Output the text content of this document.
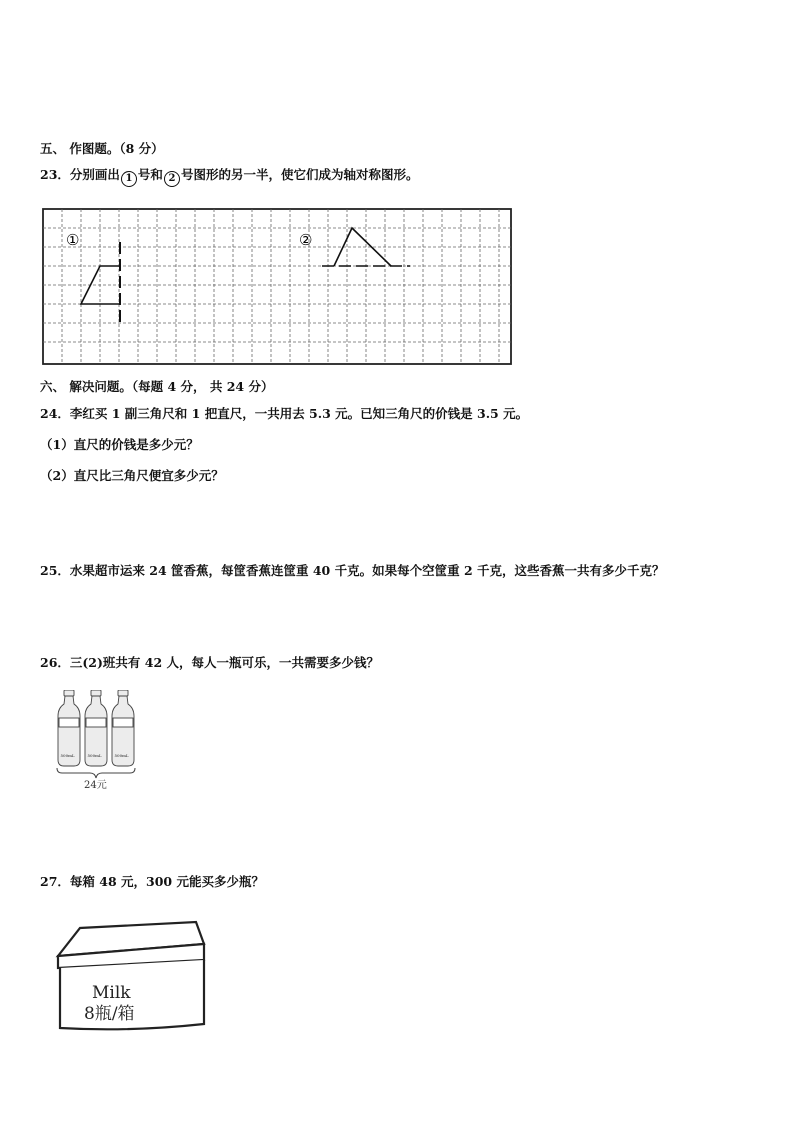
五、 作图题。（8 分）
23．分别画出 1 号和 2 号图形的另一半，使它们成为轴对称图形。
①	②
六、 解决问题。（每题 4 分， 共 24 分）
24．李红买 1 副三角尺和 1 把直尺，一共用去 5.3 元。已知三角尺的价钱是 3.5 元。
（1）直尺的价钱是多少元？
（2）直尺比三角尺便宜多少元？
25．水果超市运来 24 筐香蕉，每筐香蕉连筐重 40 千克。如果每个空筐重 2 千克，这些香蕉一共有多少千克？
26．三(2)班共有 42 人，每人一瓶可乐，一共需要多少钱？
500mL	500mL	500mL
24元
27．每箱 48 元，300 元能买多少瓶？
Milk
8瓶/箱
